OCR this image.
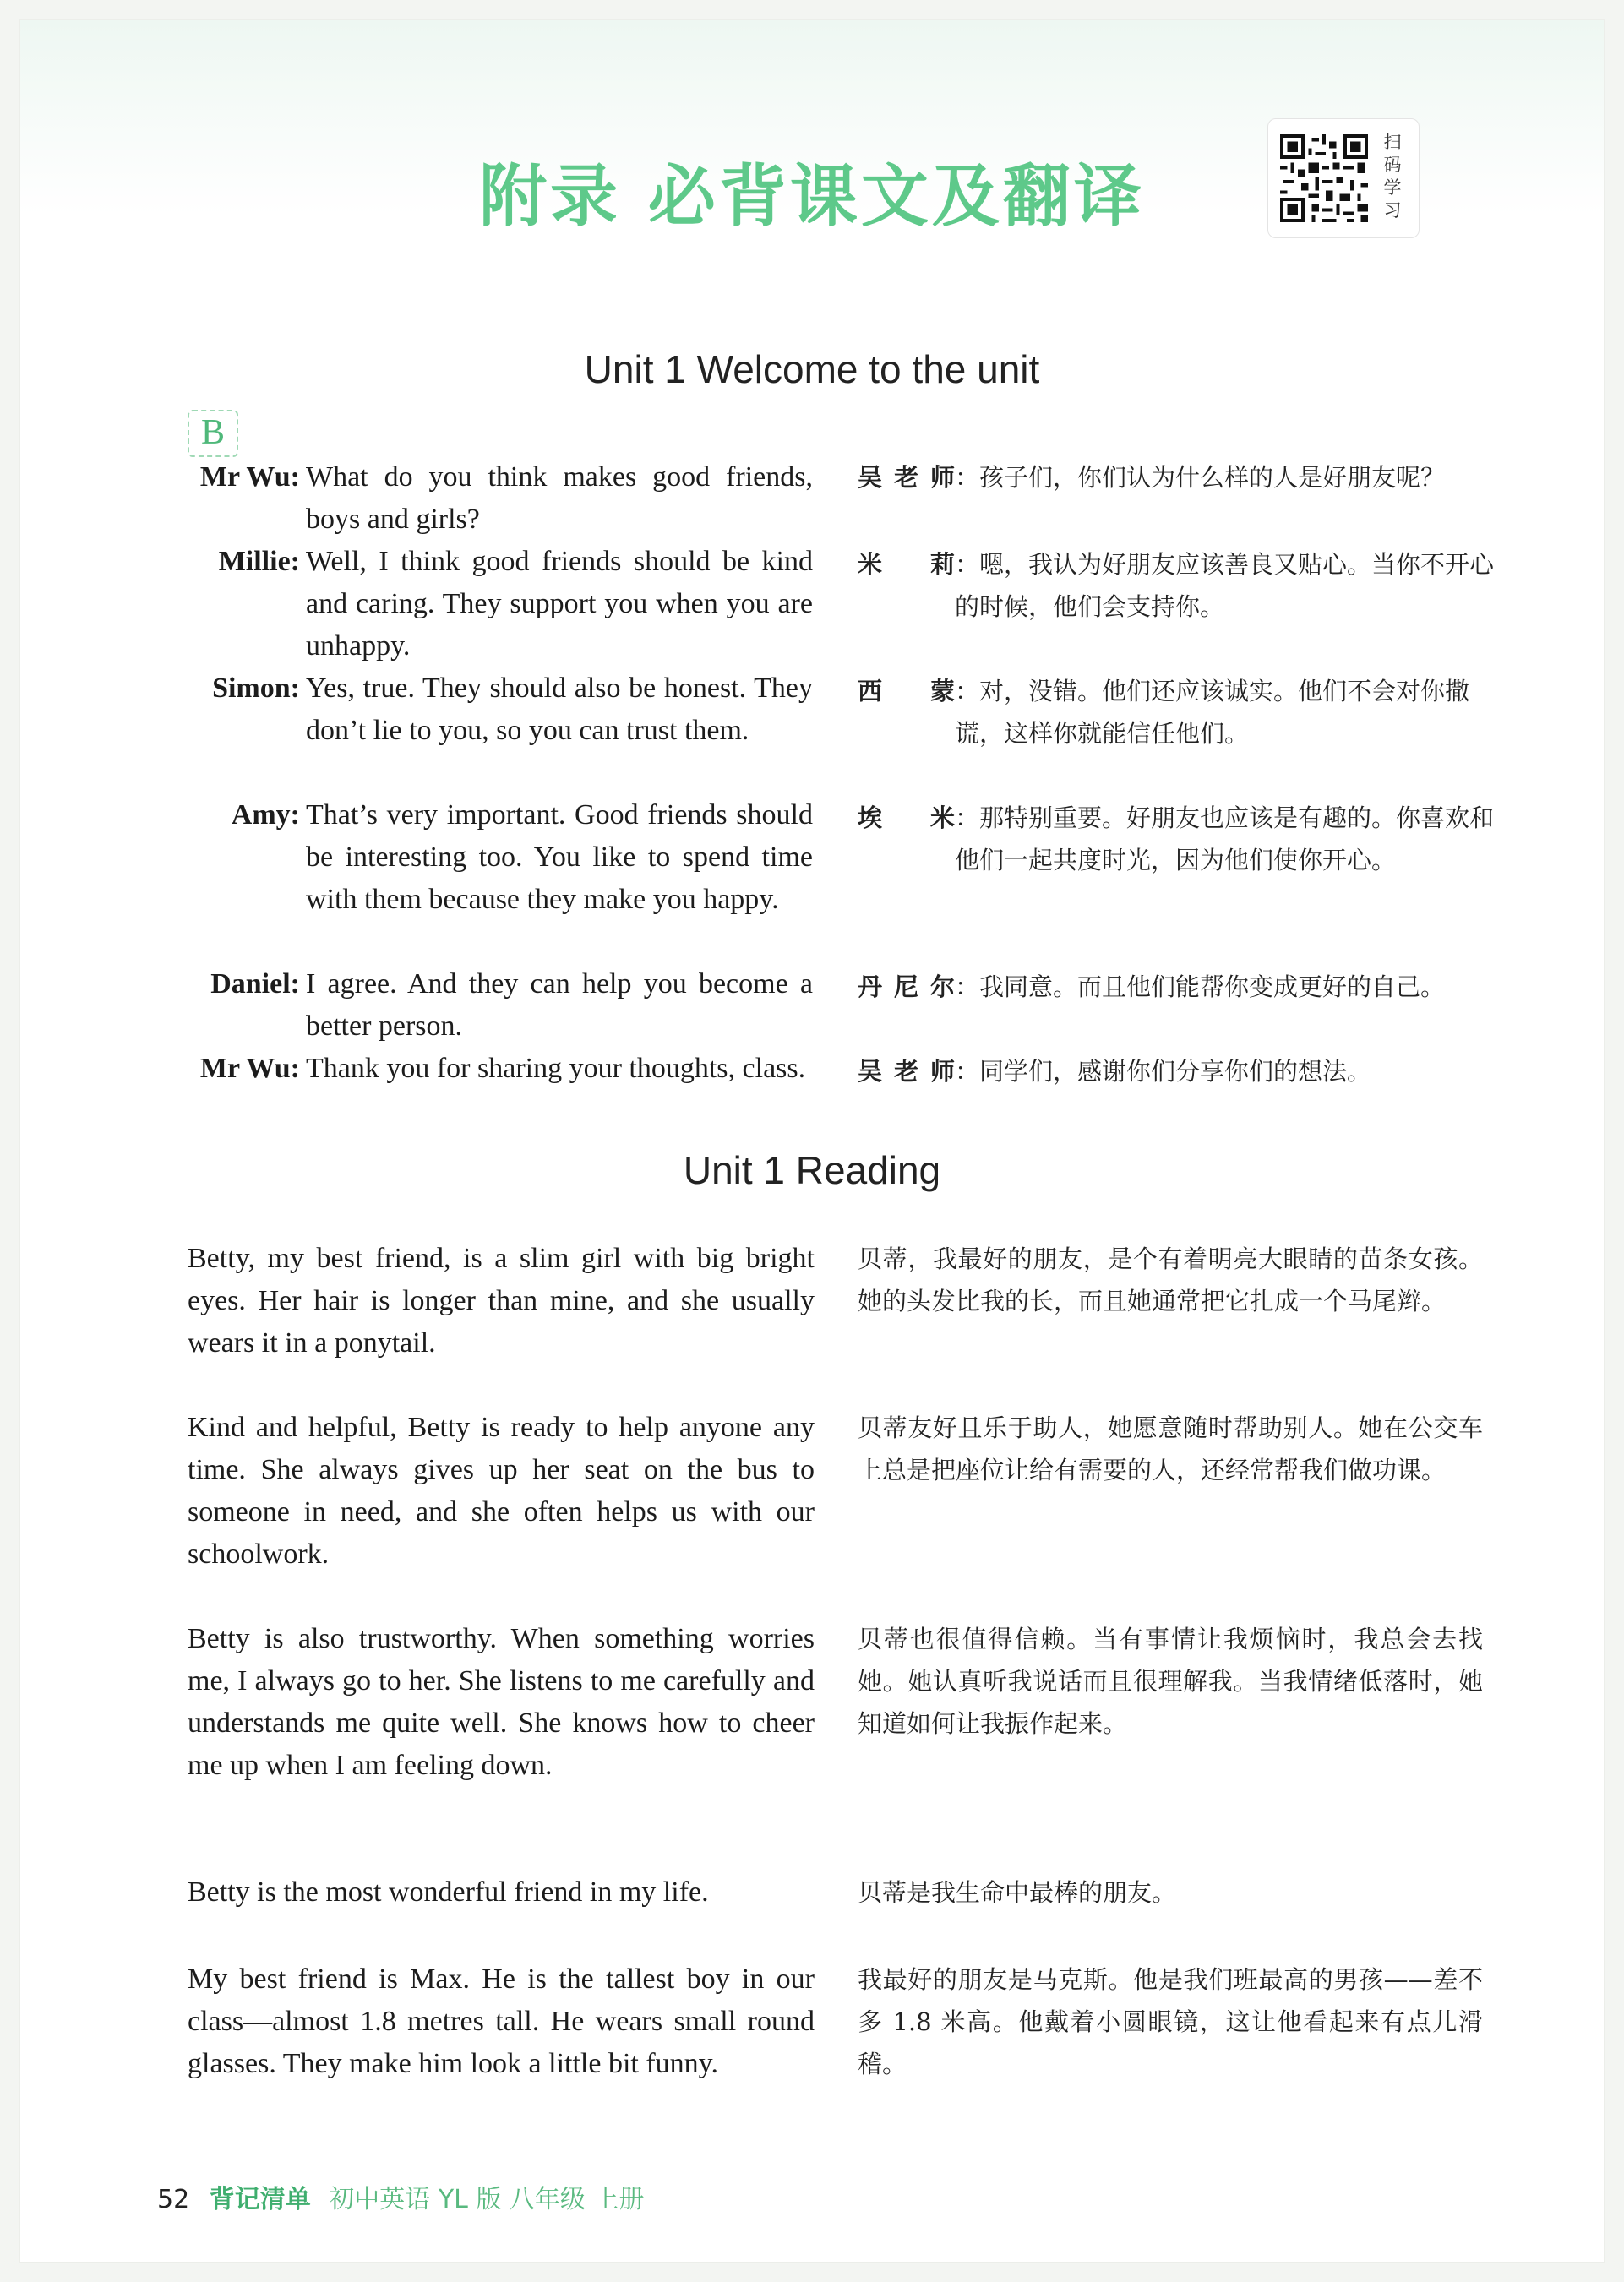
附录 必背课文及翻译
扫
码
学
习
Unit 1 Welcome to the unit
B
Mr Wu: What do you think makes good friends, boys and girls?
吴老师 ：孩子们，你们认为什么样的人是好朋友呢？
Millie: Well, I think good friends should be kind and caring. They support you when you are unhappy.
米莉 ：嗯，我认为好朋友应该善良又贴心。当你不开心的时候，他们会支持你。
Simon: Yes, true. They should also be honest. They don’t lie to you, so you can trust them.
西蒙 ：对，没错。他们还应该诚实。他们不会对你撒谎，这样你就能信任他们。
Amy: That’s very important. Good friends should be interesting too. You like to spend time with them because they make you happy.
埃米 ：那特别重要。好朋友也应该是有趣的。你喜欢和他们一起共度时光，因为他们使你开心。
Daniel: I agree. And they can help you become a better person.
丹尼尔 ：我同意。而且他们能帮你变成更好的自己。
Mr Wu: Thank you for sharing your thoughts, class.	吴老师 ：同学们，感谢你们分享你们的想法。
Unit 1 Reading
Betty, my best friend, is a slim girl with big bright eyes. Her hair is longer than mine, and she usually wears it in a ponytail.
贝蒂，我最好的朋友，是个有着明亮大眼睛的苗条女孩。她的头发比我的长，而且她通常把它扎成一个马尾辫。
Kind and helpful, Betty is ready to help anyone any time. She always gives up her seat on the bus to someone in need, and she often helps us with our schoolwork.
贝蒂友好且乐于助人，她愿意随时帮助别人。她在公交车上总是把座位让给有需要的人，还经常帮我们做功课。
Betty is also trustworthy. When something worries me, I always go to her. She listens to me carefully and understands me quite well. She knows how to cheer me up when I am feeling down.
贝蒂也很值得信赖。当有事情让我烦恼时，我总会去找她。她认真听我说话而且很理解我。当我情绪低落时，她知道如何让我振作起来。
Betty is the most wonderful friend in my life.	贝蒂是我生命中最棒的朋友。
My best friend is Max. He is the tallest boy in our class—almost 1.8 metres tall. He wears small round glasses. They make him look a little bit funny.
我最好的朋友是马克斯。他是我们班最高的男孩——差不多 1.8 米高。他戴着小圆眼镜，这让他看起来有点儿滑稽。
52 背记清单 初中英语 YL 版 八年级 上册
